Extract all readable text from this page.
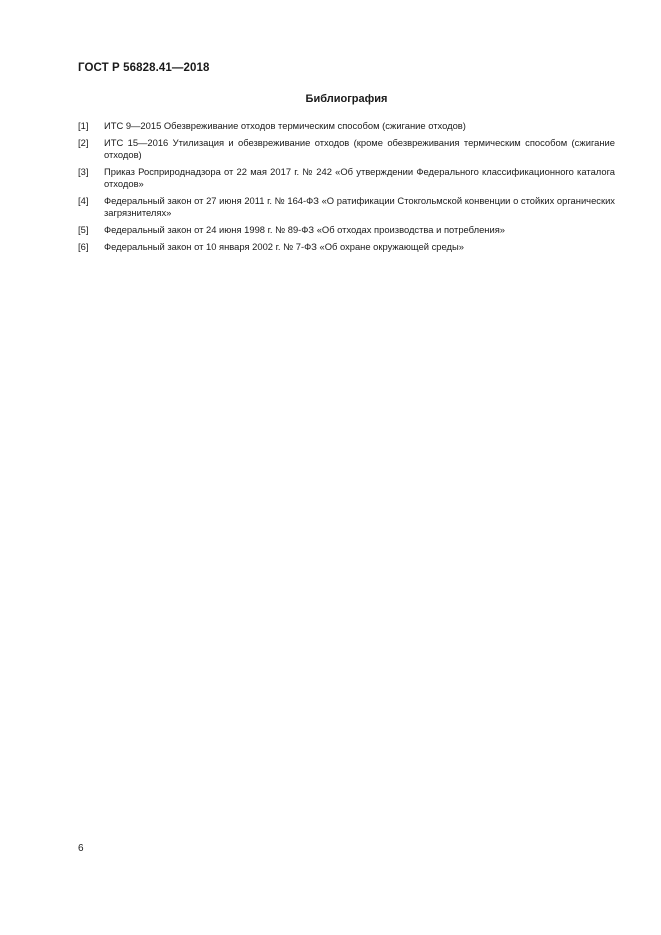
ГОСТ Р 56828.41—2018
Библиография
[1]	ИТС 9—2015 Обезвреживание отходов термическим способом (сжигание отходов)
[2]	ИТС 15—2016 Утилизация и обезвреживание отходов (кроме обезвреживания термическим способом (сжигание отходов)
[3]	Приказ Росприроднадзора от 22 мая 2017 г. № 242 «Об утверждении Федерального классификационного каталога отходов»
[4]	Федеральный закон от 27 июня 2011 г. № 164-ФЗ «О ратификации Стокгольмской конвенции о стойких органических загрязнителях»
[5]	Федеральный закон от 24 июня 1998 г. № 89-ФЗ «Об отходах производства и потребления»
[6]	Федеральный закон от 10 января 2002 г. № 7-ФЗ «Об охране окружающей среды»
6
